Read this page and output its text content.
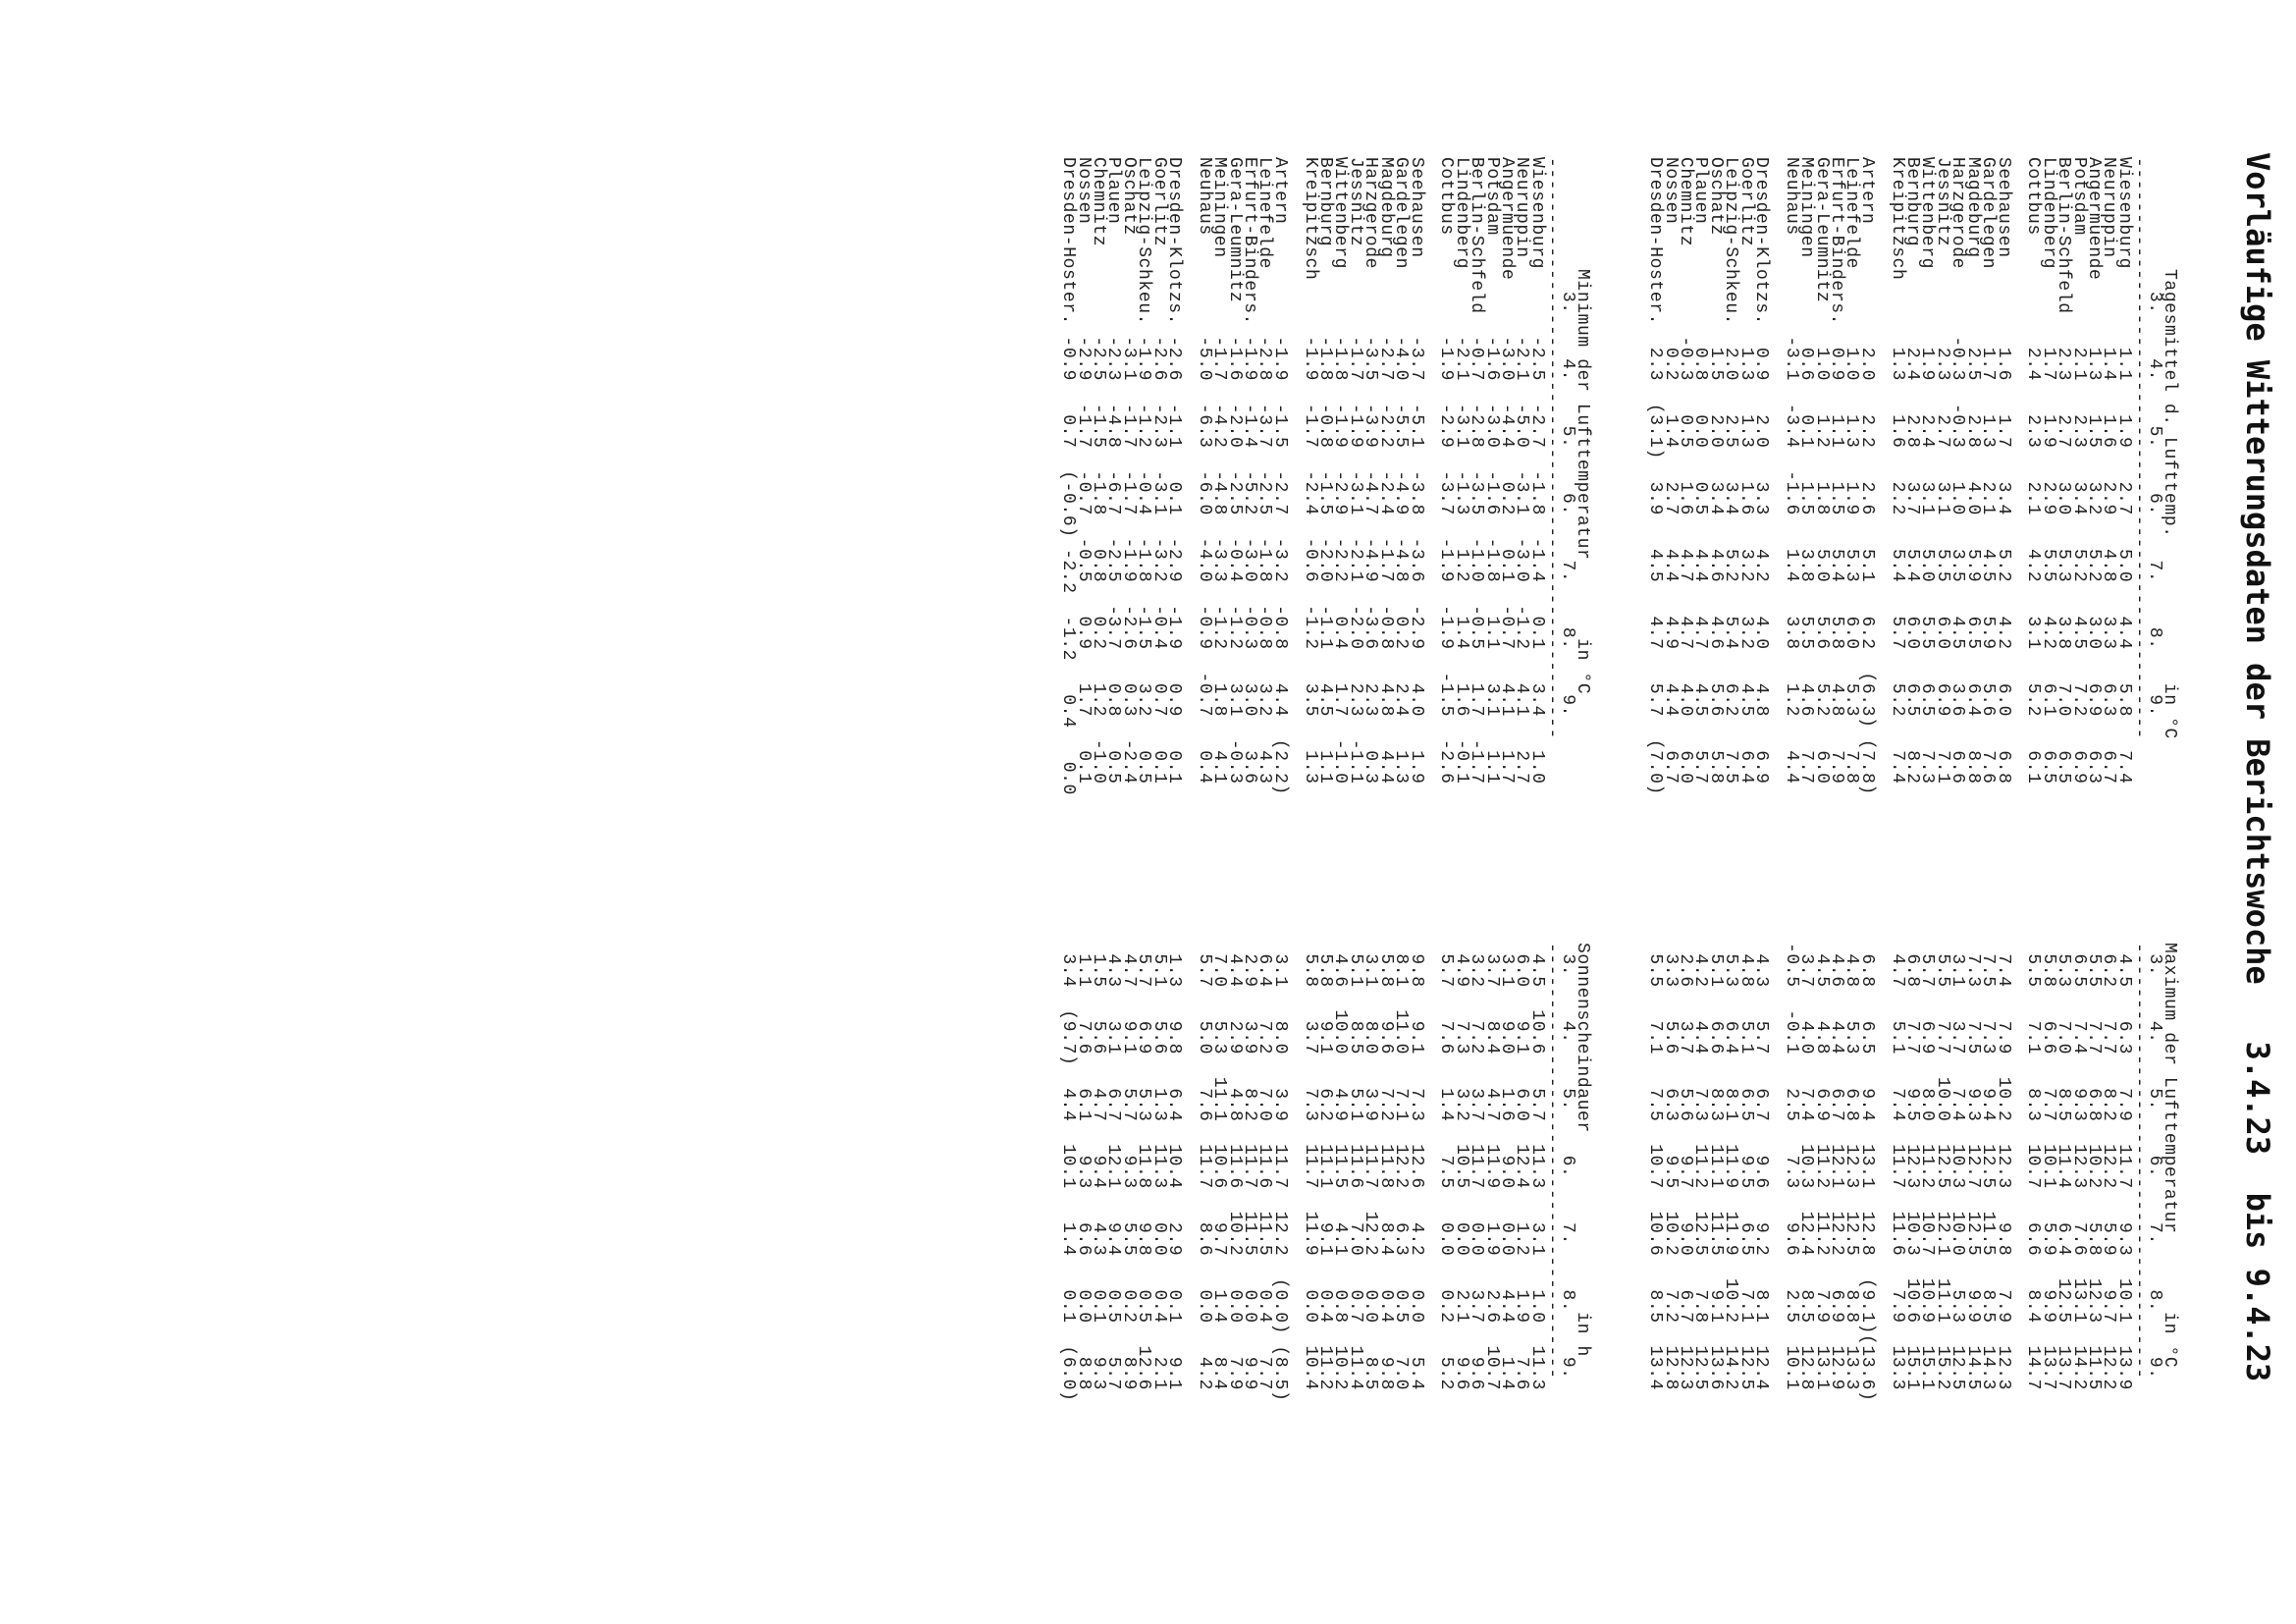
Vorläufige Witterungsdaten der Berichtswoche   3.4.23  bis 9.4.23
Tagesmittel d. Lufttemp.             in °C
3.    4.    5.    6.    7.    8.    9.
----------------------------------------------------
Wiesenburg       1.1   1.9   2.7   5.0   4.4   5.8   7.4
Neuruppin        1.4   1.6   2.9   4.8   3.3   6.3   6.7
Angermuende      1.3   1.5   3.2   5.2   3.0   6.9   6.3
Potsdam          2.1   2.3   3.4   5.2   4.5   7.2   6.9
Berlin-Schfeld   2.3   2.7   3.0   5.3   3.8   7.0   6.5
Lindenberg       1.7   1.9   2.9   5.5   4.2   6.1   6.5
Cottbus          2.4   2.3   2.1   4.2   3.1   5.2   6.1

Seehausen        1.6   1.7   3.4   5.2   4.2   6.0   6.8
Gardelegen       1.7   1.3   2.1   4.5   5.9   5.6   7.6
Magdeburg        2.5   2.8   4.0   5.9   6.5   6.4   8.8
Harzgerode      -0.3  -0.3   1.0   3.5   4.5   3.6   6.6
Jessnitz         2.3   2.7   3.1   5.5   6.0   6.9   7.1
Wittenberg       1.9   2.4   3.1   5.0   5.5   6.5   7.3
Bernburg         2.4   2.8   3.7   5.4   6.0   6.5   8.2
Kreipitzsch      1.3   1.6   2.2   5.4   5.7   5.2   7.4

Artern           2.0   2.2   2.6   5.1   6.2  (6.3) (7.8)
Leinefelde       1.0   1.3   1.9   5.3   6.0   5.3   7.8
Erfurt-Binders.  0.9   1.1   1.5   5.4   5.8   4.8   7.9
Gera-Leumnitz    1.0   1.2   1.8   5.0   5.6   5.2   6.0
Meiningen        0.6   0.1   1.5   3.8   5.5   4.6   7.7
Neuhaus         -3.1  -3.4  -1.6   1.4   3.8   1.2   4.4

Dresden-Klotzs.  0.9   2.0   3.3   4.2   4.0   4.8   6.9
Goerlitz         1.3   1.3   1.6   3.2   3.2   4.5   6.4
Leipzig-Schkeu.  2.0   2.5   3.4   5.2   5.4   6.2   7.5
Oschatz          1.5   2.0   3.4   4.6   4.6   5.6   5.8
Plauen           0.8   0.0   0.5   4.4   4.7   4.5   5.7
Chemnitz        -0.3   0.5   1.6   4.7   4.7   4.0   6.0
Nossen           0.2   1.4   2.7   4.4   4.9   4.4   6.7
Dresden-Hoster.  2.3  (3.1)  3.9   4.5   4.7   5.7  (7.0)
Maximum der Lufttemperatur       in °C
3.    4.    5.    6.    7.    8.    9.
---------------------------------------
4.5   6.3   7.9  11.7   9.3  10.1  13.9
6.2   7.7   8.2  12.2   5.9   9.7  12.2
5.5   7.7   6.8  10.2   5.8  12.3  11.5
6.5   7.4   9.3  12.3   7.6  13.1  14.2
5.3   7.0   8.5  11.4   6.4  12.5  13.7
5.8   6.6   7.7  10.1   5.9   9.9  13.7
5.5   7.1   8.3  10.7   6.6   8.4  14.7

7.4   7.9  10.2  12.3   9.8   7.9  12.3
7.5   7.3   9.4  12.5  11.5   8.5  14.3
7.3   7.5   9.3  12.7  12.5   9.9  14.5
3.1   3.7   7.4  10.3  10.0   5.3  12.5
5.5   7.7  10.0  12.5  12.1  11.1  15.2
5.7   6.9   8.0  11.2  10.7  10.9  15.1
6.8   7.7   9.5  12.3  10.3  10.6  15.1
4.7   5.1   7.4  11.7  11.6   7.9  13.3

6.8   6.5   9.4  13.1  12.8  (9.1)(13.6)
4.8   5.3   6.8  12.3  12.5   8.8  13.3
4.6   4.4   6.7  12.1  12.2   6.9  12.9
4.5   4.8   6.9  11.2  11.2   7.9  13.1
3.7   4.0   7.4  10.3  12.4   8.5  12.8
-0.5  -0.1   2.5   7.3   9.6   2.5  10.1

4.3   5.7   6.7   9.6   9.2   8.1  12.4
4.8   5.1   6.5   9.5   6.5   7.1  12.5
5.3   6.4   8.1  11.9  11.9  10.2  14.2
5.1   6.6   8.3  11.1  11.5   9.1  13.6
4.2   4.4   7.3  11.2  12.5   7.8  12.5
2.6   3.7   5.6   9.7   9.0   6.7  12.3
3.3   5.6   6.3   9.5  10.2   7.2  12.8
5.5   7.1   7.5  10.7  10.6   8.5  13.4
Minimum der Lufttemperatur       in °C
3.    4.    5.    6.    7.    8.    9.
----------------------------------------------------
Wiesenburg      -2.5  -2.7  -1.8  -1.4   0.1   3.4   1.0
Neuruppin       -2.1  -5.0  -3.1  -3.0  -1.2   4.1   2.7
Angermuende     -3.0  -4.4   0.2   0.1  -0.7   4.1   1.7
Potsdam         -1.6  -3.0  -1.6  -1.8   1.1   3.1   1.1
Berlin-Schfeld  -0.7  -2.8  -3.5  -1.0  -0.5   1.7  -1.7
Lindenberg      -2.1  -3.1  -1.3   1.2   1.4   1.6  -0.1
Cottbus         -1.9  -2.9  -3.7  -1.9  -1.9  -1.5  -2.6

Seehausen       -3.7  -5.1  -3.8  -3.6  -2.9   4.0   1.9
Gardelegen      -4.0  -5.5  -4.9  -4.8   0.2   2.4   1.3
Magdeburg       -2.7  -2.2  -2.4  -1.7  -0.8   4.8   4.4
Harzgerode      -3.5  -3.9  -4.7  -4.9  -3.6   2.3   0.3
Jessnitz        -1.7  -1.9  -3.1  -2.1  -2.0   2.3  -1.1
Wittenberg      -1.8  -1.9  -2.9  -2.2   0.4   1.7  -1.0
Bernburg        -1.8  -0.8  -1.5  -2.0  -1.1   4.5   1.1
Kreipitzsch     -1.9  -1.7  -2.4  -0.6  -1.2   3.5   1.3

Artern          -1.9  -1.5  -2.7  -3.2  -0.8   4.4  (2.2)
Leinefelde      -2.8  -3.7  -2.5  -1.8  -0.8   3.2   4.3
Erfurt-Binders. -1.9  -1.4  -5.2  -3.0  -0.3   3.0   3.6
Gera-Leumnitz   -1.6  -2.0  -2.5  -0.4  -1.2   3.1  -0.3
Meiningen       -1.7  -4.2  -4.8  -3.3  -1.2   1.8   4.1
Neuhaus         -5.0  -6.3  -6.0  -4.0  -0.9  -0.7   0.4

Dresden-Klotzs. -2.6  -1.1   0.1  -2.9  -1.9   0.9   0.1
Goerlitz        -2.6  -2.3  -3.1  -3.2  -0.4   0.7   0.1
Leipzig-Schkeu. -1.9  -1.2  -0.4  -1.8  -1.5   3.2   0.5
Oschatz         -3.1  -1.7  -1.7  -1.9  -2.6   0.3  -2.4
Plauen          -2.3  -4.8  -6.7  -2.5  -3.7   0.8   0.5
Chemnitz        -2.5  -1.5  -1.8   0.8   0.2   1.2  -1.0
Nossen          -2.9  -1.7  -0.7  -0.5   0.9   1.7   0.1
Dresden-Hoster. -0.9   0.7  (-0.6) -2.2  -1.2   0.4   0.0
Sonnenscheindauer                in h
3.    4.    5.    6.    7.    8.    9.
---------------------------------------
4.5  10.6   5.7  11.3   3.1   1.0  11.3
6.0   9.1   6.0  12.4   1.2   1.9   7.6
3.1   9.0   1.6   9.0   0.0   4.4   1.4
3.7   8.4   4.7  11.9   1.9   2.6  10.7
3.2   7.2   3.7  11.7   0.0   3.7   9.6
4.9   7.3   3.2  10.5   0.0   2.1   9.6
5.7   7.6   1.4   7.5   0.0   0.2   5.2

9.8   9.1   7.3  12.6   4.2   0.0   5.4
8.1  11.0   7.1  12.2   6.3   0.5   7.0
5.8   9.6   7.2  11.8   8.4   0.4   9.8
3.1   8.0   3.9  11.7  12.2   0.0   8.5
5.1   8.5   5.1  11.6   7.0   0.7  11.4
4.6  10.0   4.9  11.5   4.1   0.8  10.2
5.8   9.1   6.2  11.1   9.1   0.4  11.2
5.8   3.7   7.3  11.7  11.9   0.0  10.4

3.1   8.0   3.9  11.7  12.2  (0.0) (8.5)
6.4   7.2   7.0  11.6  11.5   0.4   7.7
2.9   3.9   8.2  11.7  11.5   0.0   9.9
4.4   2.9   4.8  11.6  10.2   0.0   7.9
7.0   5.3  11.1  10.6   9.7   1.4   8.4
5.7   5.0   7.6  11.7   8.6   0.0   4.2

1.3   9.8   6.4  10.4   2.9   0.1   9.1
5.1   5.6   1.3  11.3   0.0   0.4   2.1
5.7   6.9   5.3  11.8   9.8   0.5  12.6
4.7   9.1   5.7   9.3   5.5   0.2   8.9
4.3   3.1   6.7  12.1   9.4   0.5   5.7
1.5   5.6   4.7   9.4   4.3   0.1   9.3
1.1   7.6   6.1   9.3   6.6   0.0   8.8
3.4  (9.7)  4.4  10.1   1.4   0.1  (6.0)
